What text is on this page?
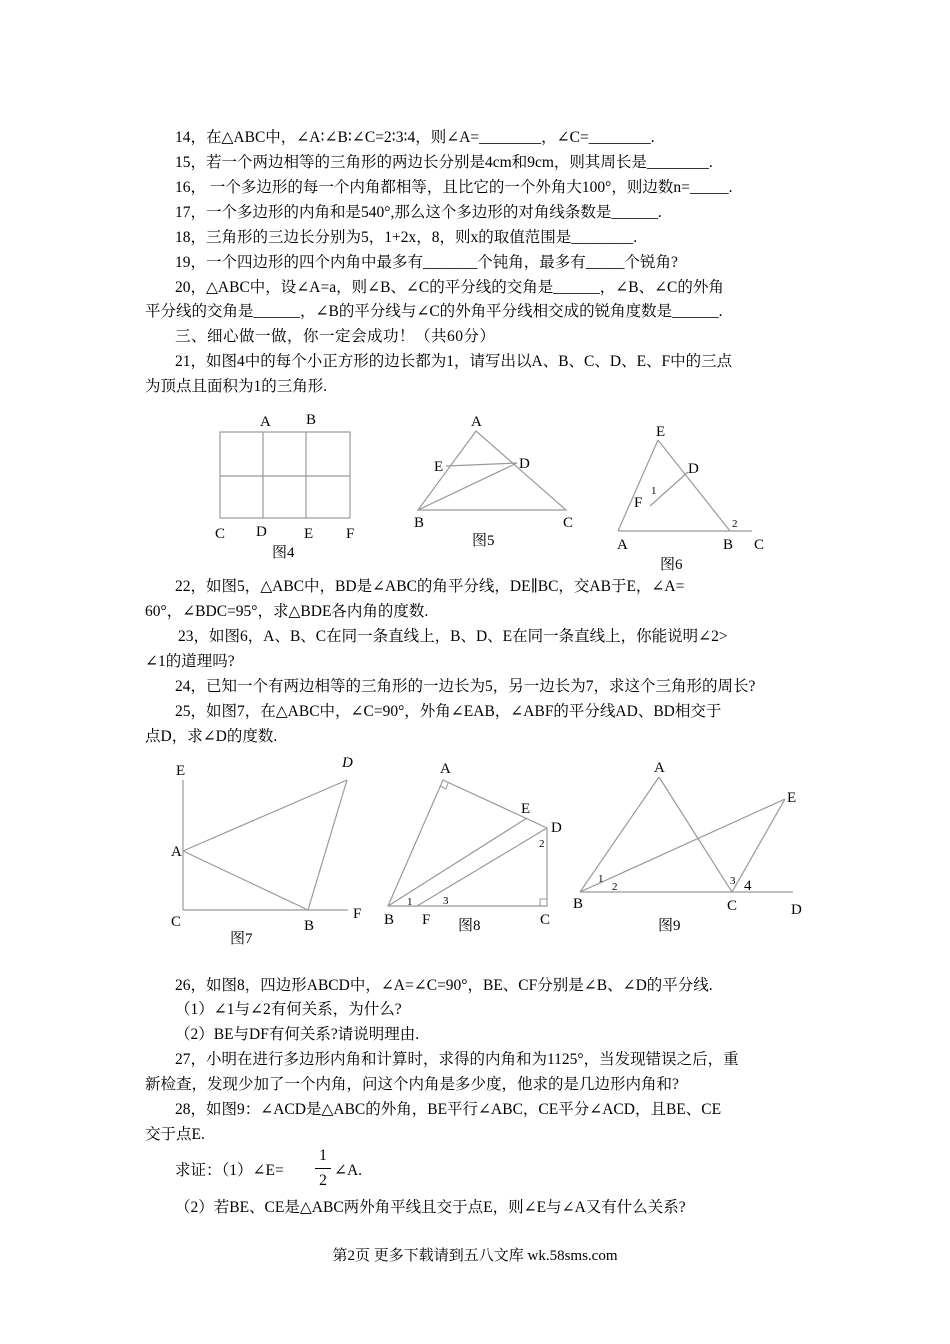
14，在△ABC中，∠A∶∠B∶∠C=2∶3∶4，则∠A=________，∠C=________.
15，若一个两边相等的三角形的两边长分别是4cm和9cm，则其周长是________.
16， 一个多边形的每一个内角都相等，且比它的一个外角大100°，则边数n=_____.
17，一个多边形的内角和是540°,那么这个多边形的对角线条数是______.
18，三角形的三边长分别为5，1+2x，8，则x的取值范围是________.
19，一个四边形的四个内角中最多有_______个钝角，最多有_____个锐角?
20，△ABC中，设∠A=a，则∠B、∠C的平分线的交角是______，∠B、∠C的外角
平分线的交角是______，∠B的平分线与∠C的外角平分线相交成的锐角度数是______.
三、细心做一做，你一定会成功！（共60分）
21，如图4中的每个小正方形的边长都为1，请写出以A、B、C、D、E、F中的三点
为顶点且面积为1的三角形.
A B
C D E F
图4
A
E	D
B	C
图5
E
D
F
1
A	B
2
C
图6
E	D
A
C	B
F
图7
A
E
D
2
B
1
F
3
C
图8
A
E
1
2	3 4
B	C	D
图9
22，如图5，△ABC中，BD是∠ABC的角平分线，DE∥BC，交AB于E，∠A=
60°，∠BDC=95°，求△BDE各内角的度数.
23，如图6，A、B、C在同一条直线上，B、D、E在同一条直线上，你能说明∠2>
∠1的道理吗?
24，已知一个有两边相等的三角形的一边长为5，另一边长为7，求这个三角形的周长?
25，如图7，在△ABC中，∠C=90°，外角∠EAB，∠ABF的平分线AD、BD相交于
点D，求∠D的度数.
26，如图8，四边形ABCD中，∠A=∠C=90°，BE、CF分别是∠B、∠D的平分线.
（1）∠1与∠2有何关系，为什么?
（2）BE与DF有何关系?请说明理由.
27，小明在进行多边形内角和计算时，求得的内角和为1125°，当发现错误之后，重
新检查，发现少加了一个内角，问这个内角是多少度，他求的是几边形内角和?
28，如图9：∠ACD是△ABC的外角，BE平行∠ABC，CE平分∠ACD，且BE、CE
交于点E.
求证：（1）∠E=
1
2
∠A.
（2）若BE、CE是△ABC两外角平线且交于点E，则∠E与∠A又有什么关系?
第2页 更多下载请到五八文库 wk.58sms.com
